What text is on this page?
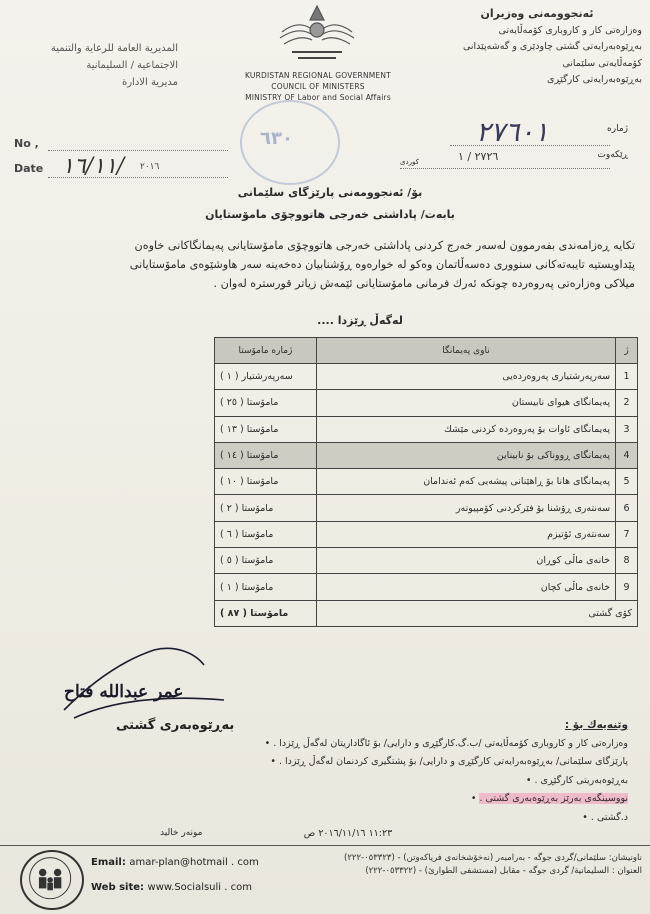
المديرية العامة للرعاية والتنمية
الاجتماعية / السليمانية
مديرية الادارة
KURDISTAN REGIONAL GOVERNMENT
COUNCIL OF MINISTERS
MINISTRY OF Labor and Social Affairs
ئەنجوومەنی وەزیران
وەزارەتی كار و كاروباری كۆمەڵایەتی
بەڕێوەبەرایەتی گشتی چاودێری و گەشەپێدانی
كۆمەڵایەتی سلێمانی
بەڕێوەبەرایەتی كارگێڕی
٦٣٠
No ,
Date ١٦/١١/ ٢٠١٦
٢٧٦٠١	ژمارە
ڕێكەوت
٢٧٢٦ / ١
كوردی
بۆ/ ئەنجوومەنی پارێزگای سلێمانی
بابەت/ پاداشتی خەرجی هاتووچۆی مامۆستایان
تكایە ڕەزامەندی بفەرموون لەسەر خەرج كردنی پاداشتی خەرجی هاتووچۆی مامۆستایانی پەیمانگاكانی خاوەن
پێداویستیە تایبەتەكانی سنووری دەسەڵاتمان وەكو لە خوارەوە ڕۆشنابیان دەخەینە سەر هاوشێوەی مامۆستایانی
میلاكی وەزارەتی پەروەردە چونكە ئەرك فرمانی مامۆستایانی ئێمەش زیاتر قورسترە لەوان .
لەگەڵ ڕێزدا ....
ژ	ناوی پەیمانگا	ژمارە مامۆستا
1	سەرپەرشتیاری پەروەردەیی	( ١ ) سەرپەرشتیار
2	پەیمانگای هیوای نابیستان	( ٢٥ ) مامۆستا
3	پەیمانگای ئاوات بۆ پەروەردە كردنی مێشك	( ١٣ ) مامۆستا
4	پەیمانگای ڕووناكی بۆ نابیناین	( ١٤ ) مامۆستا
5	پەیمانگای هانا بۆ ڕاهێنانی پیشەیی كەم ئەندامان	( ١٠ ) مامۆستا
6	سەنتەری ڕۆشنا بۆ فێركردنی كۆمپیوتەر	( ٢ ) مامۆستا
7	سەنتەری ئۆتیزم	( ٦ ) مامۆستا
8	خانەی ماڵی كوڕان	( ٥ ) مامۆستا
9	خانەی ماڵی كچان	( ١ ) مامۆستا
كۆی گشتی		( ٨٧ ) مامۆستا
عمر عبدالله فتاح
بەڕێوەبەری گشتی	وێنەیەك بۆ :
وەزارەتی كار و كاروباری كۆمەڵایەتی /ب.گ.كارگێڕی و دارایی/ بۆ ئاگاداریتان لەگەڵ ڕێزدا . •
پارێزگای سلێمانی/ بەڕێوەبەرایەتی كارگێڕی و دارایی/ بۆ پشتگیری كردنمان لەگەڵ ڕێزدا . •
بەڕێوەبەریتی كارگێڕی . •
نووسینگەی بەرێز بەڕێوەبەری گشتی . •
د.گشتی . •
١١:٢٣ ٢٠١٦/١١/١٦ ص
مونەر خالید
Email: amar-plan@hotmail . com
Web site: www.Socialsuli . com
ناونیشان: سلێمانی/گردی جوگە - بەرامبەر (نەخۆشخانەی فریاكەوتن) - (٠٥٣٣٢٣-٢٢٢)
العنوان : السليمانية/ گردی جوگە - مقابل (مستشفى الطوارئ) - (٠٥٣٣٢٢-٢٢٢)
